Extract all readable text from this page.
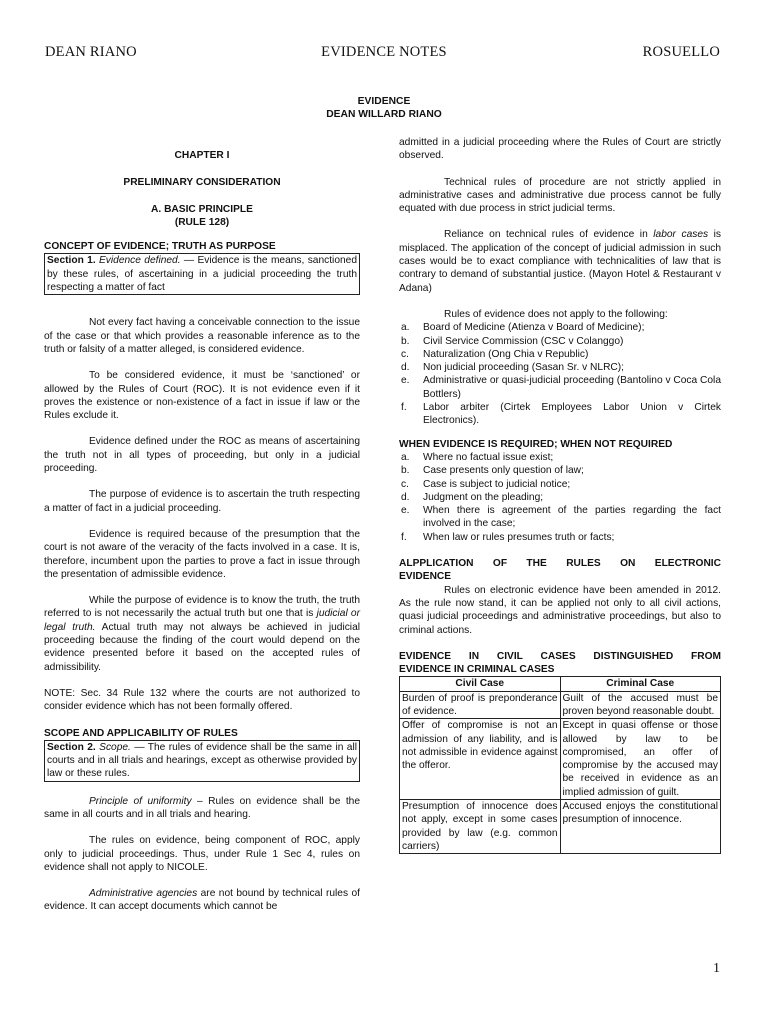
DEAN RIANO	EVIDENCE NOTES	ROSUELLO
EVIDENCE
DEAN WILLARD RIANO
CHAPTER I
PRELIMINARY CONSIDERATION
A. BASIC PRINCIPLE
(RULE 128)
CONCEPT OF EVIDENCE; TRUTH AS PURPOSE
Section 1. Evidence defined. — Evidence is the means, sanctioned by these rules, of ascertaining in a judicial proceeding the truth respecting a matter of fact

Not every fact having a conceivable connection to the issue of the case or that which provides a reasonable inference as to the truth or falsity of a matter alleged, is considered evidence.

To be considered evidence, it must be ‘sanctioned’ or allowed by the Rules of Court (ROC). It is not evidence even if it proves the existence or non-existence of a fact in issue if law or the Rules exclude it.

Evidence defined under the ROC as means of ascertaining the truth not in all types of proceeding, but only in a judicial proceeding.

The purpose of evidence is to ascertain the truth respecting a matter of fact in a judicial proceeding.

Evidence is required because of the presumption that the court is not aware of the veracity of the facts involved in a case. It is, therefore, incumbent upon the parties to prove a fact in issue through the presentation of admissible evidence.

While the purpose of evidence is to know the truth, the truth referred to is not necessarily the actual truth but one that is judicial or legal truth. Actual truth may not always be achieved in judicial proceeding because the finding of the court would depend on the evidence presented before it based on the accepted rules of admissibility.

NOTE: Sec. 34 Rule 132 where the courts are not authorized to consider evidence which has not been formally offered.

SCOPE AND APPLICABILITY OF RULES
Section 2. Scope. — The rules of evidence shall be the same in all courts and in all trials and hearings, except as otherwise provided by law or these rules.

Principle of uniformity – Rules on evidence shall be the same in all courts and in all trials and hearing.

The rules on evidence, being component of ROC, apply only to judicial proceedings. Thus, under Rule 1 Sec 4, rules on evidence shall not apply to NICOLE.

Administrative agencies are not bound by technical rules of evidence. It can accept documents which cannot be

admitted in a judicial proceeding where the Rules of Court are strictly observed.

Technical rules of procedure are not strictly applied in administrative cases and administrative due process cannot be fully equated with due process in strict judicial terms.

Reliance on technical rules of evidence in labor cases is misplaced. The application of the concept of judicial admission in such cases would be to exact compliance with technicalities of law that is contrary to demand of substantial justice. (Mayon Hotel & Restaurant v Adana)

Rules of evidence does not apply to the following:

a. Board of Medicine (Atienza v Board of Medicine);
b. Civil Service Commission (CSC v Colanggo)
c. Naturalization (Ong Chia v Republic)
d. Non judicial proceeding (Sasan Sr. v NLRC);
e. Administrative or quasi-judicial proceeding (Bantolino v Coca Cola Bottlers)
f. Labor arbiter (Cirtek Employees Labor Union v Cirtek Electronics).
WHEN EVIDENCE IS REQUIRED; WHEN NOT REQUIRED
a. Where no factual issue exist;
b. Case presents only question of law;
c. Case is subject to judicial notice;
d. Judgment on the pleading;
e. When there is agreement of the parties regarding the fact involved in the case;
f. When law or rules presumes truth or facts;
ALPPLICATION OF THE RULES ON ELECTRONIC
EVIDENCE

Rules on electronic evidence have been amended in 2012. As the rule now stand, it can be applied not only to all civil actions, quasi judicial proceedings and administrative proceedings, but also to criminal actions.

EVIDENCE IN CIVIL CASES DISTINGUISHED FROM
EVIDENCE IN CRIMINAL CASES
Civil Case	Criminal Case
Burden of proof is preponderance of evidence.	Guilt of the accused must be proven beyond reasonable doubt.
Offer of compromise is not an admission of any liability, and is not admissible in evidence against the offeror.	Except in quasi offense or those allowed by law to be compromised, an offer of compromise by the accused may be received in evidence as an implied admission of guilt.
Presumption of innocence does not apply, except in some cases provided by law (e.g. common carriers)	Accused enjoys the constitutional presumption of innocence.
1
